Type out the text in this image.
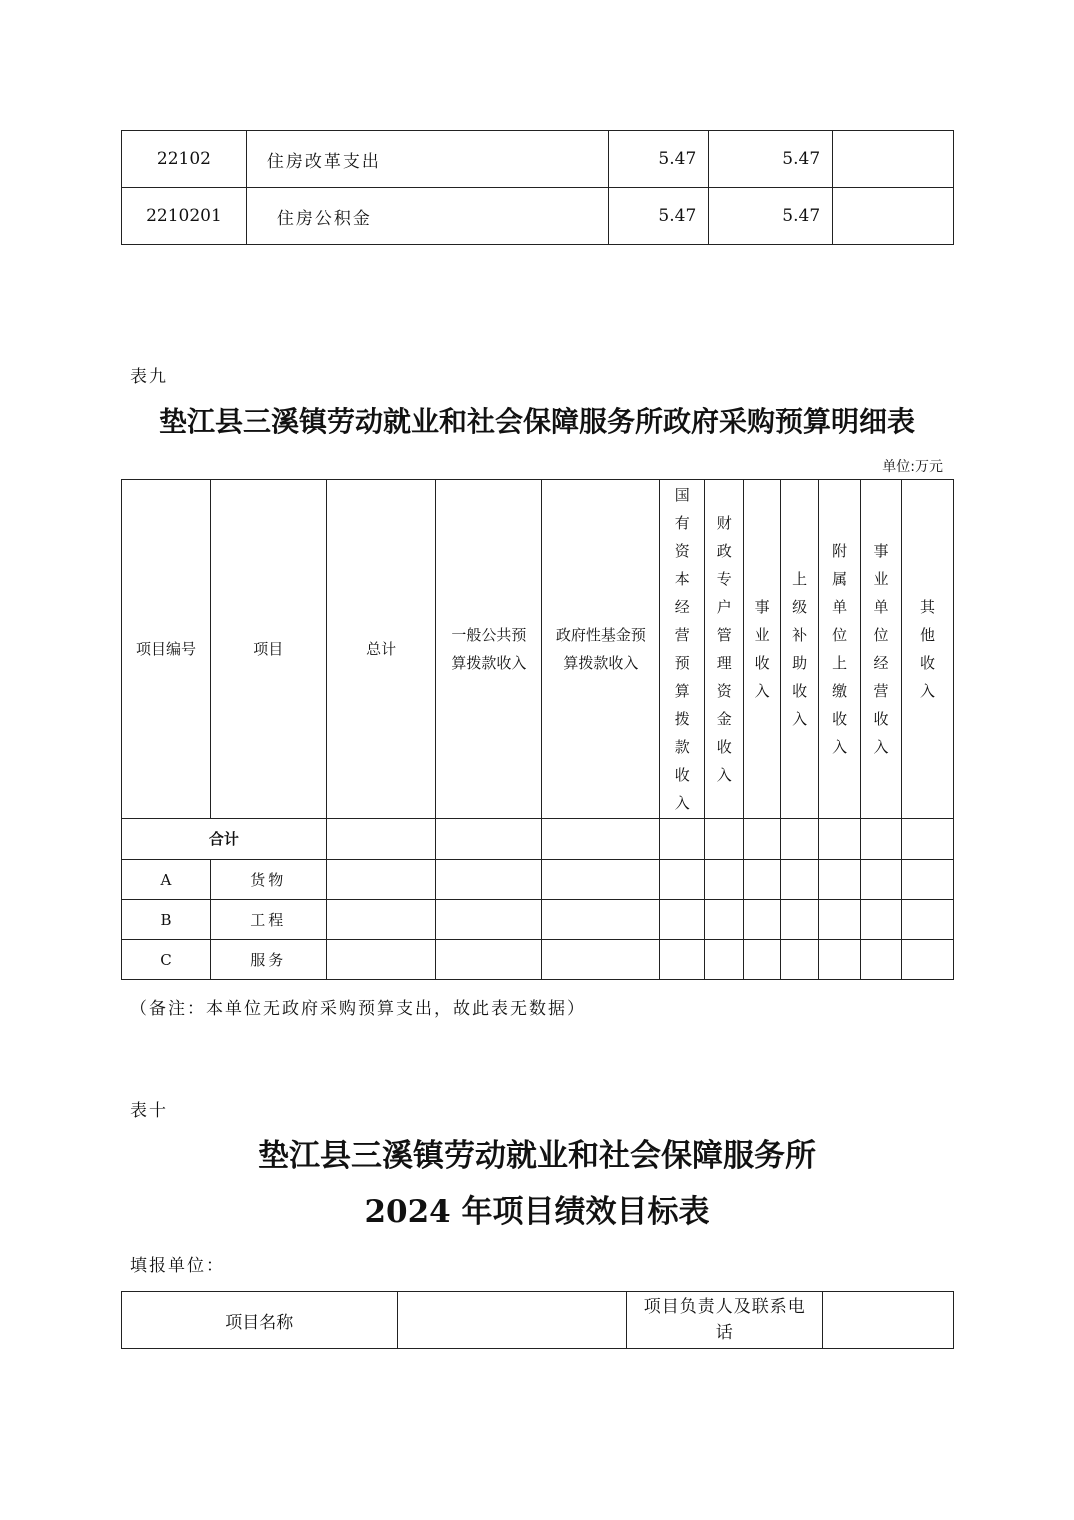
22102	住房改革支出	5.47	5.47	
2210201	住房公积金	5.47	5.47	
表九
垫江县三溪镇劳动就业和社会保障服务所政府采购预算明细表
单位:万元
项目编号	项目	总计	一般公共预算拨款收入	政府性基金预算拨款收入	国有资本经营预算拨款收入	财政专户管理资金收入	事业收入	上级补助收入	附属单位上缴收入	事业单位经营收入	其他收入
合计											
A	货物										
B	工程										
C	服务										
（备注：本单位无政府采购预算支出，故此表无数据）
表十
垫江县三溪镇劳动就业和社会保障服务所
2024 年项目绩效目标表
填报单位：
项目名称		项目负责人及联系电话	
